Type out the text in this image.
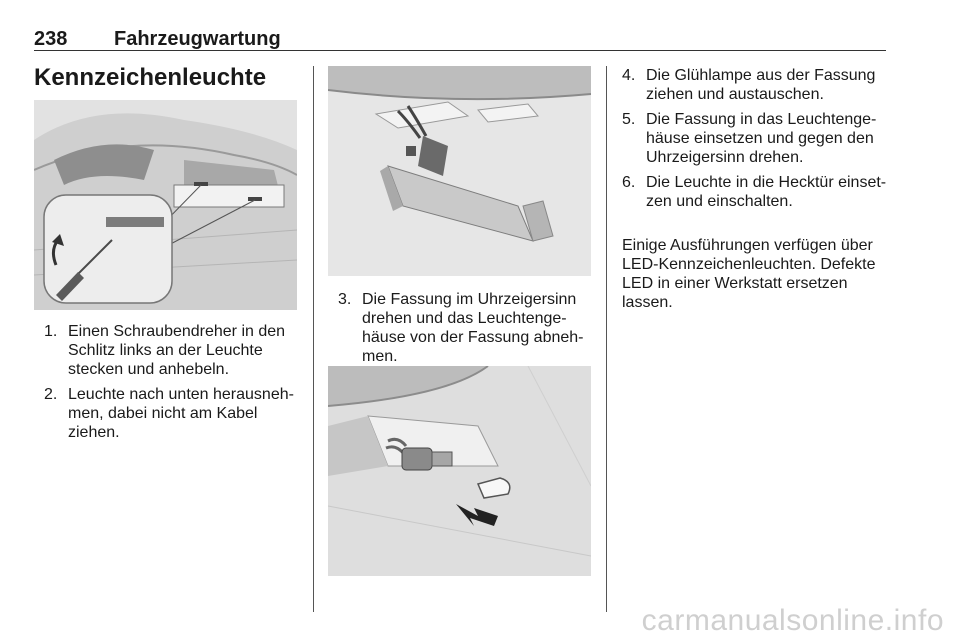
238 Fahrzeugwartung
Kennzeichenleuchte
1. Einen Schraubendreher in den Schlitz links an der Leuchte stecken und anhebeln.
2. Leuchte nach unten herausneh-men, dabei nicht am Kabel ziehen.
3. Die Fassung im Uhrzeigersinn drehen und das Leuchtenge-häuse von der Fassung abneh-men.
4. Die Glühlampe aus der Fassung ziehen und austauschen.
5. Die Fassung in das Leuchtenge-häuse einsetzen und gegen den Uhrzeigersinn drehen.
6. Die Leuchte in die Hecktür einset-zen und einschalten.

Einige Ausführungen verfügen über LED-Kennzeichenleuchten. Defekte LED in einer Werkstatt ersetzen lassen.

carmanualsonline.info
